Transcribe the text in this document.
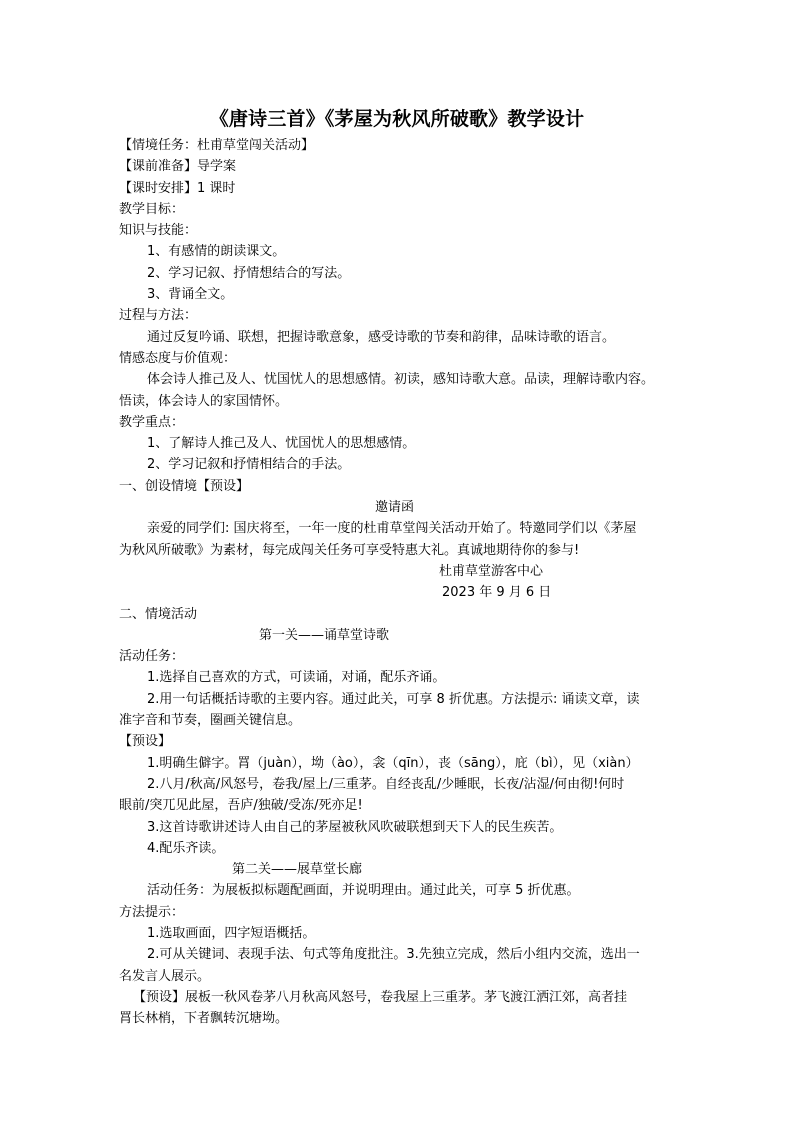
《唐诗三首》《茅屋为秋风所破歌》教学设计
【情境任务：杜甫草堂闯关活动】
【课前准备】导学案
【课时安排】1 课时
教学目标：
知识与技能：
1、有感情的朗读课文。
2、学习记叙、抒情想结合的写法。
3、背诵全文。
过程与方法：
通过反复吟诵、联想，把握诗歌意象，感受诗歌的节奏和韵律，品味诗歌的语言。
情感态度与价值观：
体会诗人推己及人、忧国忧人的思想感情。初读，感知诗歌大意。品读，理解诗歌内容。
悟读，体会诗人的家国情怀。
教学重点：
1、了解诗人推己及人、忧国忧人的思想感情。
2、学习记叙和抒情相结合的手法。
一、创设情境【预设】
邀请函
亲爱的同学们: 国庆将至，一年一度的杜甫草堂闯关活动开始了。特邀同学们以《茅屋
为秋风所破歌》为素材，每完成闯关任务可享受特惠大礼。真诚地期待你的参与!
杜甫草堂游客中心
2023 年 9 月 6 日
二、情境活动
第一关——诵草堂诗歌
活动任务：
1.选择自己喜欢的方式，可读诵，对诵，配乐齐诵。
2.用一句话概括诗歌的主要内容。通过此关，可享 8 折优惠。方法提示: 诵读文章，读
准字音和节奏，圈画关键信息。
【预设】
1.明确生僻字。罥（juàn），坳（ào），衾（qīn），丧（sāng），庇（bì），见（xiàn）
2.八月/秋高/风怒号，卷我/屋上/三重茅。自经丧乱/少睡眠，长夜/沾湿/何由彻!何时
眼前/突兀见此屋，吾庐/独破/受冻/死亦足!
3.这首诗歌讲述诗人由自己的茅屋被秋风吹破联想到天下人的民生疾苦。
4.配乐齐读。
第二关——展草堂长廊
活动任务：为展板拟标题配画面，并说明理由。通过此关，可享 5 折优惠。
方法提示：
1.选取画面，四字短语概括。
2.可从关键词、表现手法、句式等角度批注。3.先独立完成，然后小组内交流，选出一
名发言人展示。
【预设】展板一秋风卷茅八月秋高风怒号，卷我屋上三重茅。茅飞渡江洒江郊，高者挂
罥长林梢，下者飘转沉塘坳。
